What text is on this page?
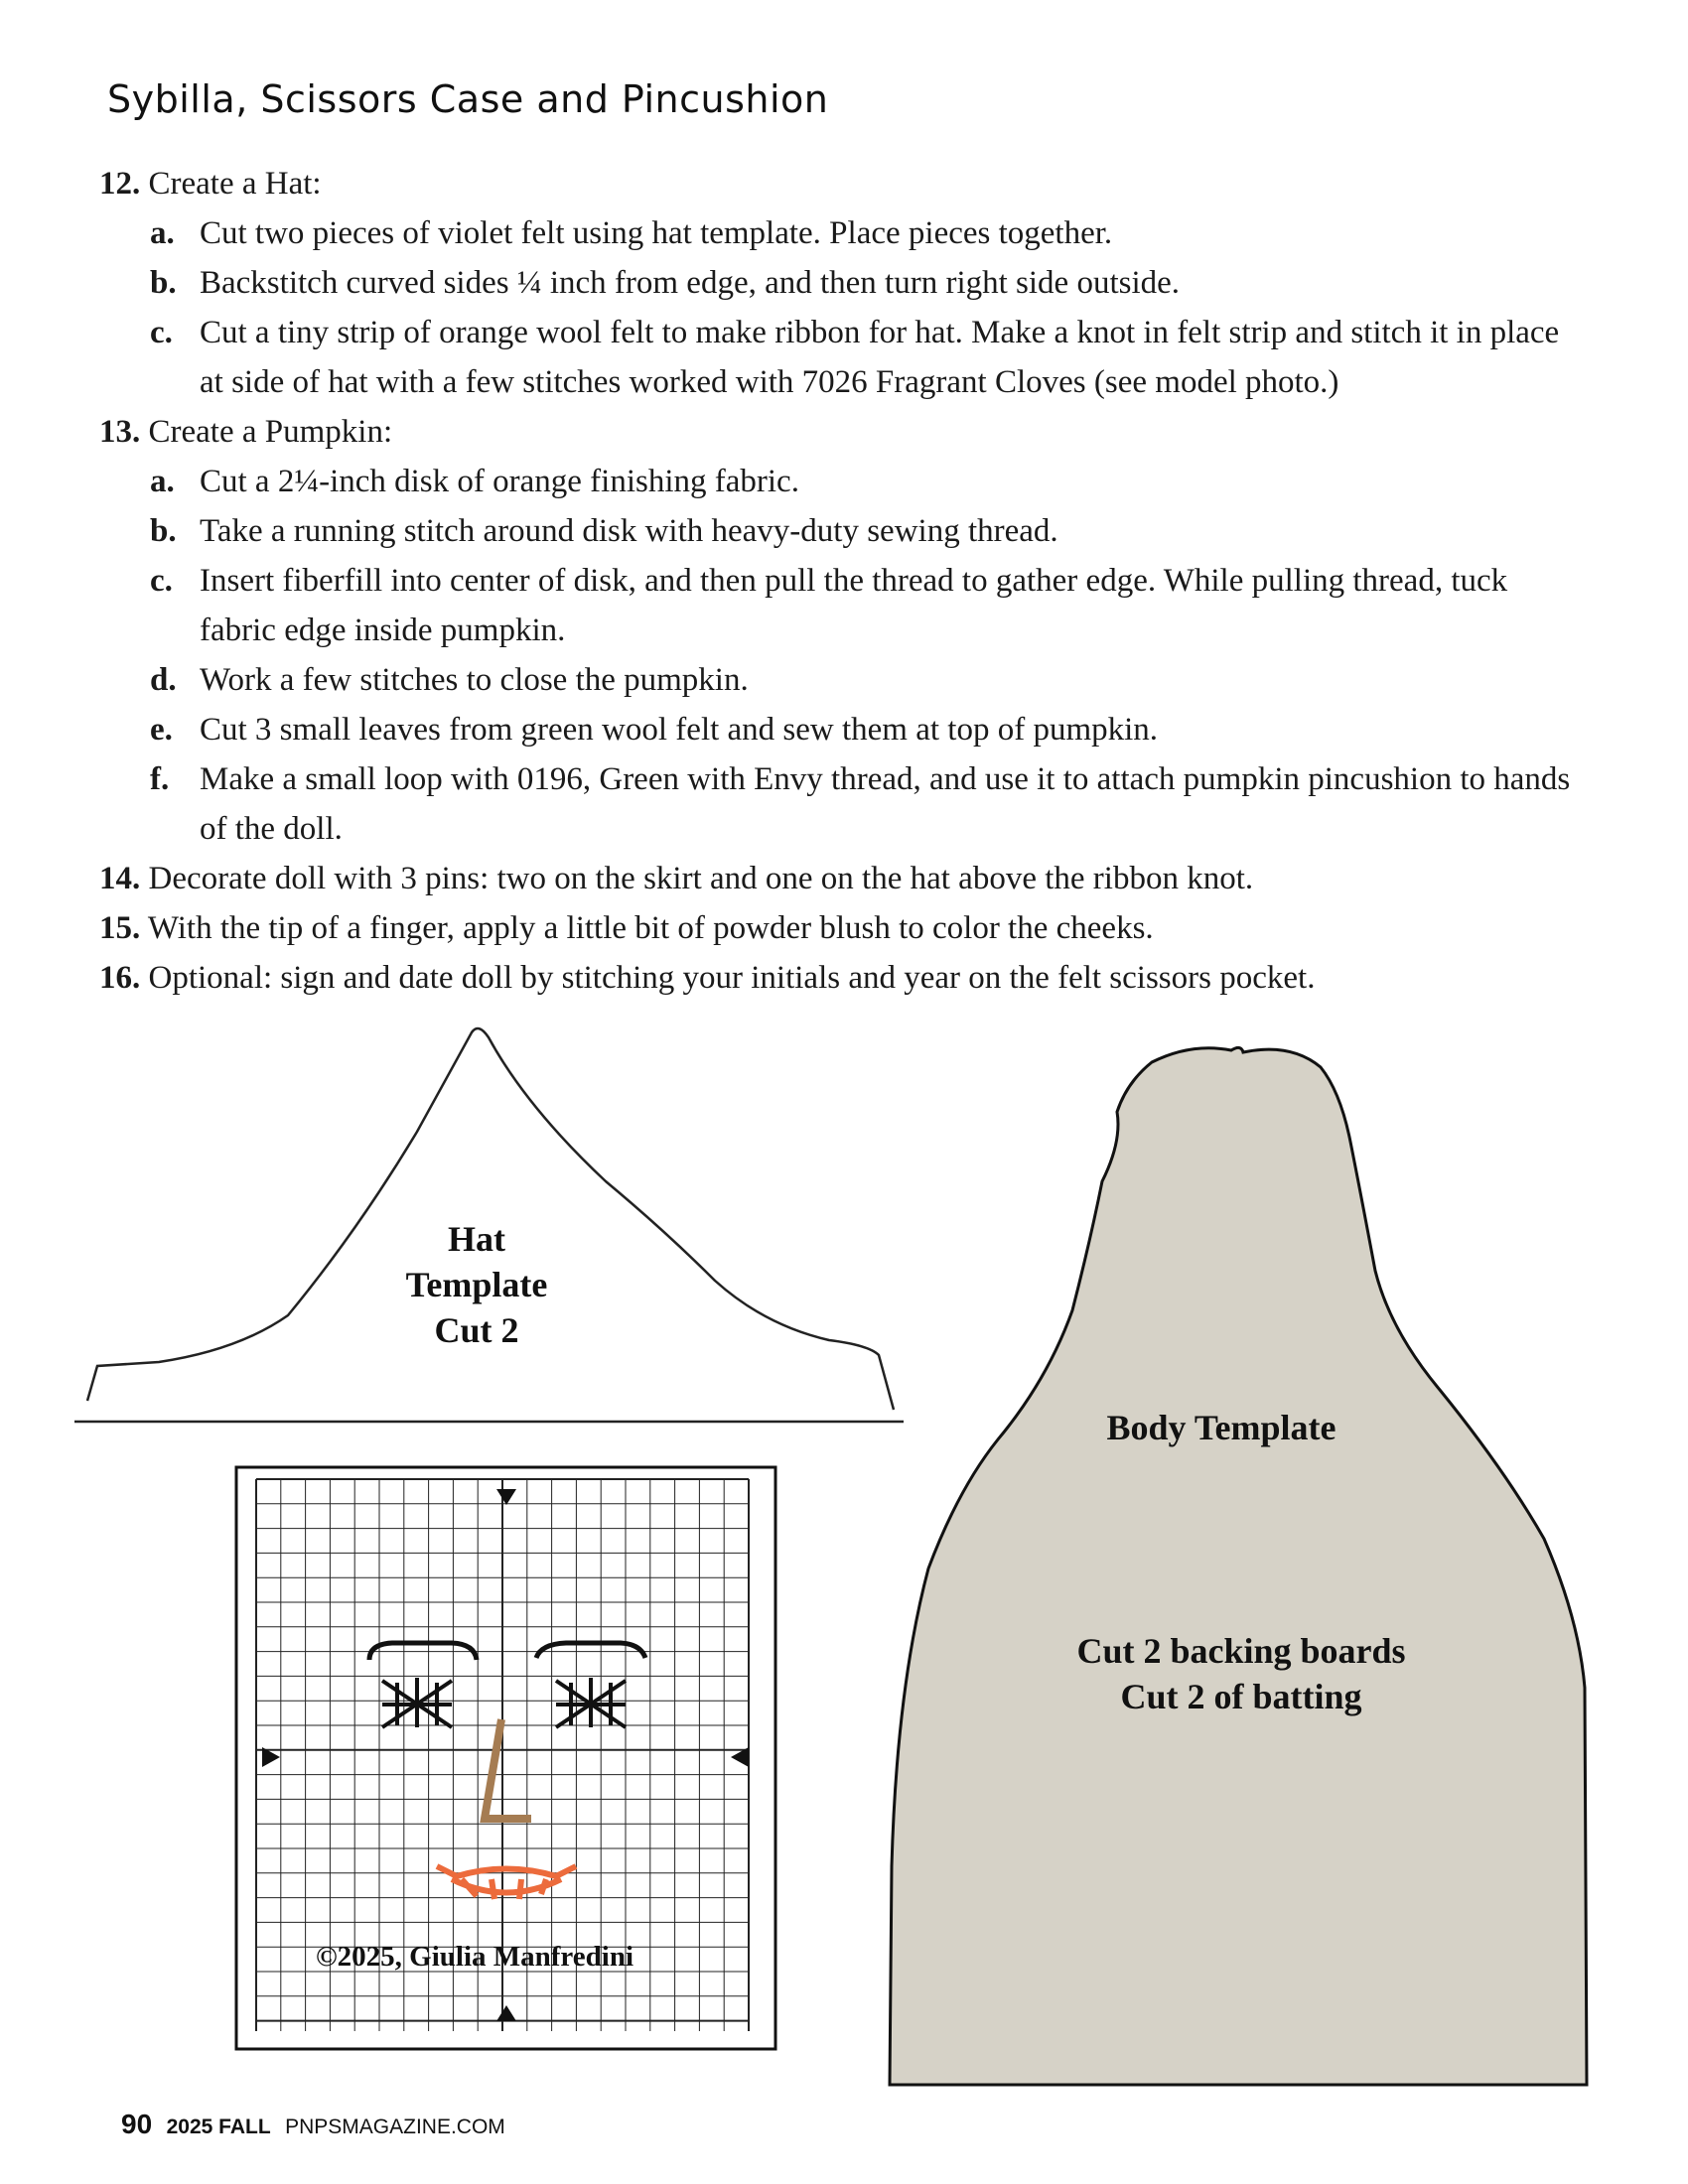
Sybilla, Scissors Case and Pincushion
12. Create a Hat:
a. Cut two pieces of violet felt using hat template. Place pieces together.
b. Backstitch curved sides ¼ inch from edge, and then turn right side outside.
c. Cut a tiny strip of orange wool felt to make ribbon for hat. Make a knot in felt strip and stitch it in place
at side of hat with a few stitches worked with 7026 Fragrant Cloves (see model photo.)
13. Create a Pumpkin:
a. Cut a 2¼-inch disk of orange finishing fabric.
b. Take a running stitch around disk with heavy-duty sewing thread.
c. Insert fiberfill into center of disk, and then pull the thread to gather edge. While pulling thread, tuck
fabric edge inside pumpkin.
d. Work a few stitches to close the pumpkin.
e. Cut 3 small leaves from green wool felt and sew them at top of pumpkin.
f. Make a small loop with 0196, Green with Envy thread, and use it to attach pumpkin pincushion to hands
of the doll.
14. Decorate doll with 3 pins: two on the skirt and one on the hat above the ribbon knot.
15. With the tip of a finger, apply a little bit of powder blush to color the cheeks.
16. Optional: sign and date doll by stitching your initials and year on the felt scissors pocket.
Hat
Template
Cut 2
Body Template
Cut 2 backing boards
Cut 2 of batting
©2025, Giulia Manfredini
90 2025 FALL PNPSMAGAZINE.COM
